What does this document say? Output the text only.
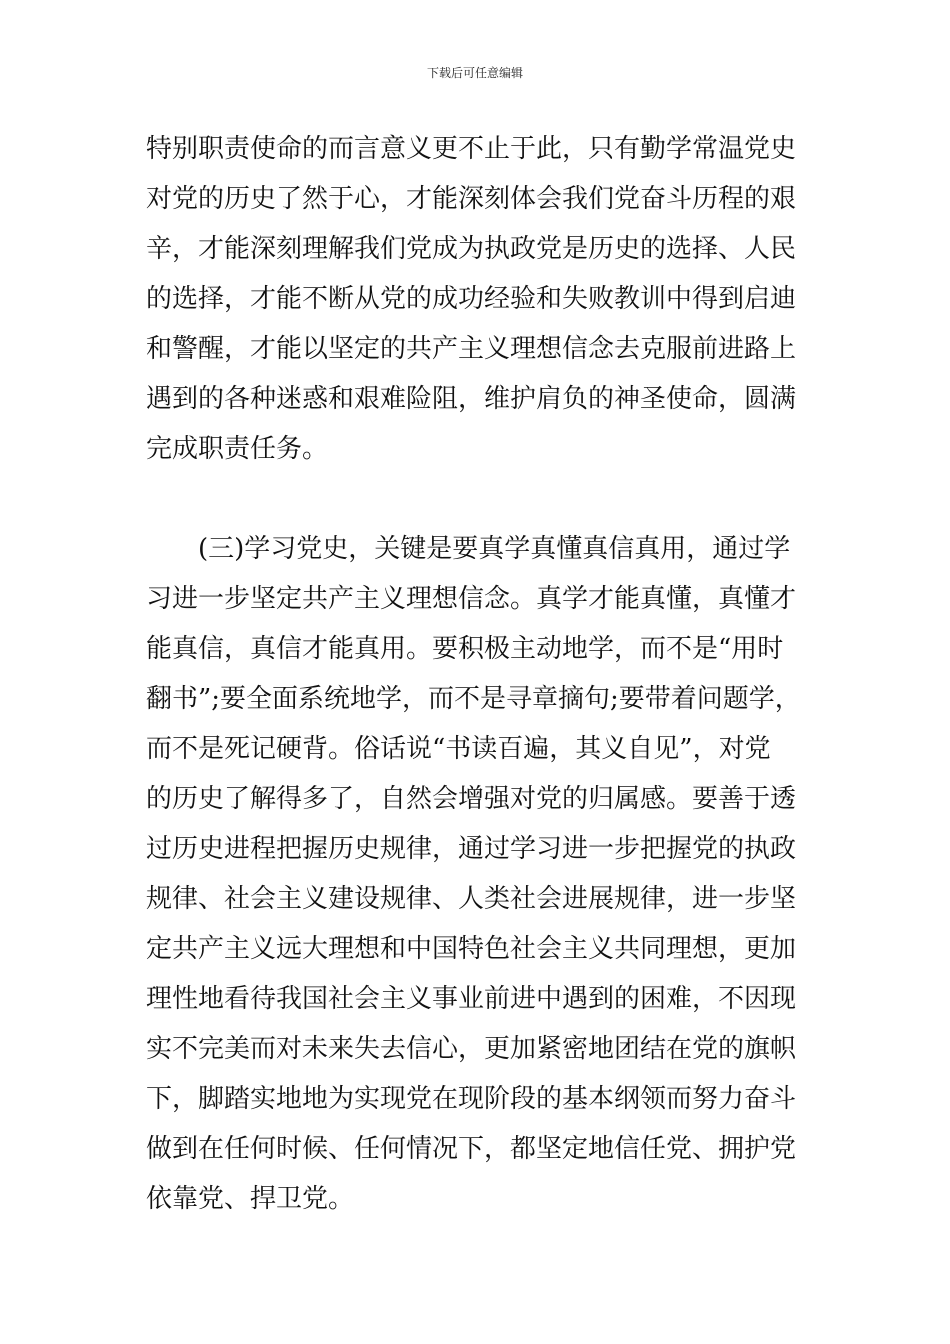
下载后可任意编辑
特别职责使命的而言意义更不止于此，只有勤学常温党史
对党的历史了然于心，才能深刻体会我们党奋斗历程的艰
辛，才能深刻理解我们党成为执政党是历史的选择、人民
的选择，才能不断从党的成功经验和失败教训中得到启迪
和警醒，才能以坚定的共产主义理想信念去克服前进路上
遇到的各种迷惑和艰难险阻，维护肩负的神圣使命，圆满
完成职责任务。
(三)学习党史，关键是要真学真懂真信真用，通过学
习进一步坚定共产主义理想信念。真学才能真懂，真懂才
能真信，真信才能真用。要积极主动地学，而不是“用时
翻书”;要全面系统地学，而不是寻章摘句;要带着问题学，
而不是死记硬背。俗话说“书读百遍，其义自见”，对党
的历史了解得多了，自然会增强对党的归属感。要善于透
过历史进程把握历史规律，通过学习进一步把握党的执政
规律、社会主义建设规律、人类社会进展规律，进一步坚
定共产主义远大理想和中国特色社会主义共同理想，更加
理性地看待我国社会主义事业前进中遇到的困难，不因现
实不完美而对未来失去信心，更加紧密地团结在党的旗帜
下，脚踏实地地为实现党在现阶段的基本纲领而努力奋斗
做到在任何时候、任何情况下，都坚定地信任党、拥护党
依靠党、捍卫党。
